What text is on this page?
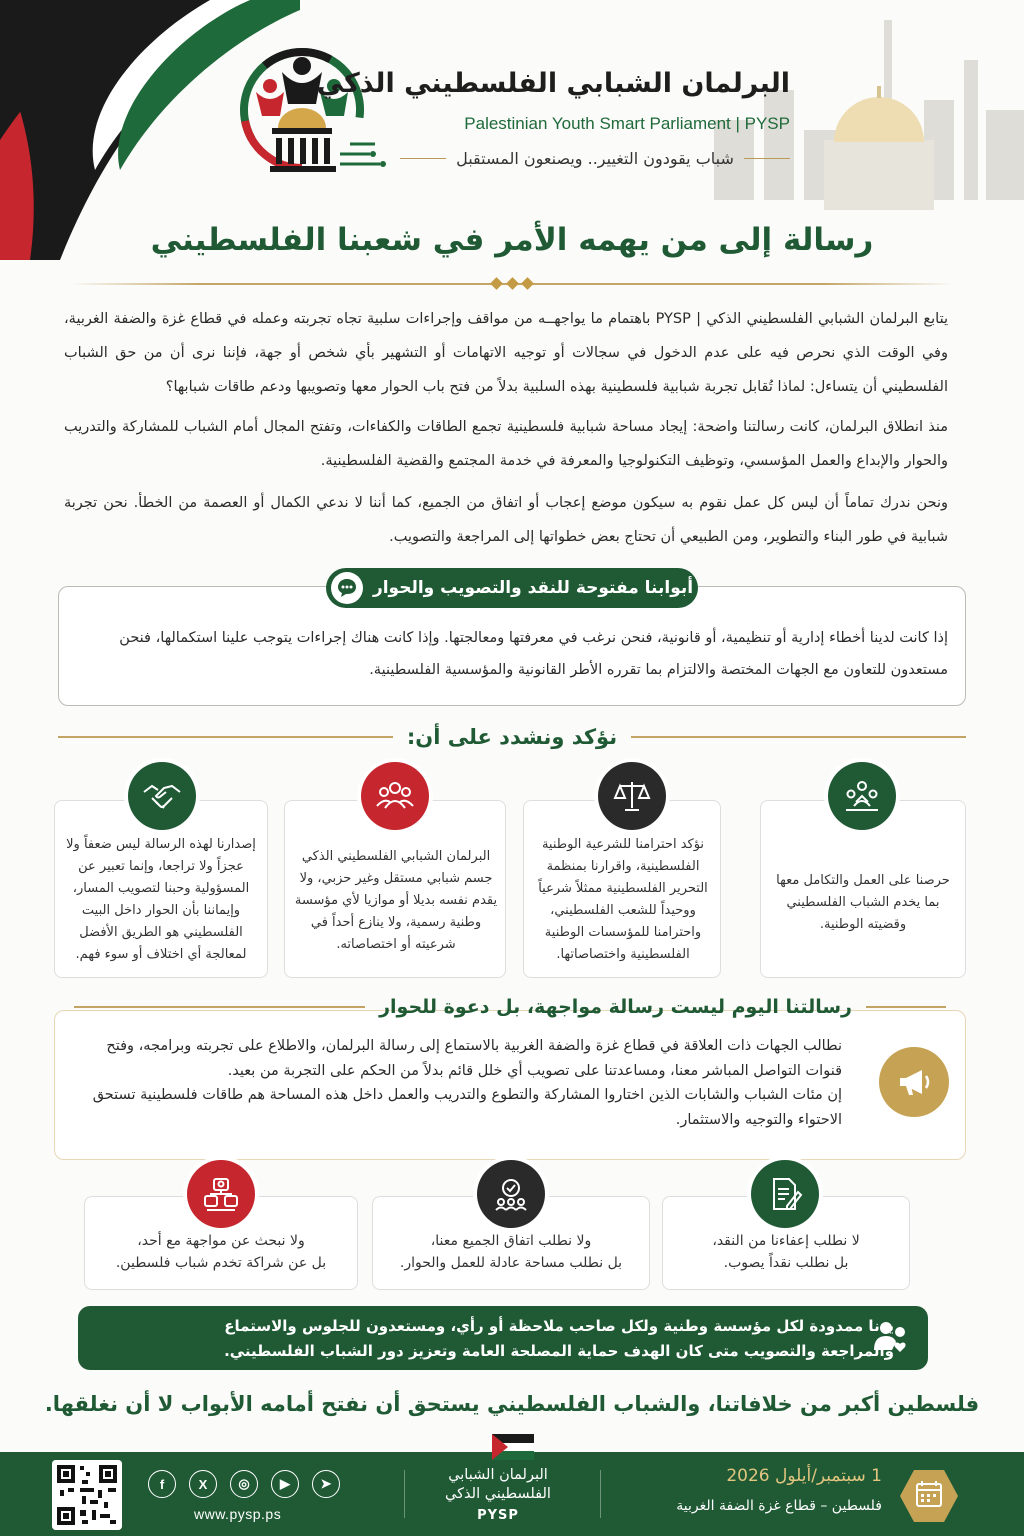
البرلمان الشبابي الفلسطيني الذكي
Palestinian Youth Smart Parliament | PYSP
شباب يقودون التغيير.. ويصنعون المستقبل
رسالة إلى من يهمه الأمر في شعبنا الفلسطيني

يتابع البرلمان الشبابي الفلسطيني الذكي | PYSP باهتمام ما يواجهــه من مواقف وإجراءات سلبية تجاه تجربته وعمله في قطاع غزة والضفة الغربية، وفي الوقت الذي نحرص فيه على عدم الدخول في سجالات أو توجيه الاتهامات أو التشهير بأي شخص أو جهة، فإننا نرى أن من حق الشباب الفلسطيني أن يتساءل: لماذا تُقابل تجربة شبابية فلسطينية بهذه السلبية بدلاً من فتح باب الحوار معها وتصويبها ودعم طاقات شبابها؟

منذ انطلاق البرلمان، كانت رسالتنا واضحة: إيجاد مساحة شبابية فلسطينية تجمع الطاقات والكفاءات، وتفتح المجال أمام الشباب للمشاركة والتدريب والحوار والإبداع والعمل المؤسسي، وتوظيف التكنولوجيا والمعرفة في خدمة المجتمع والقضية الفلسطينية.

ونحن ندرك تماماً أن ليس كل عمل نقوم به سيكون موضع إعجاب أو اتفاق من الجميع، كما أننا لا ندعي الكمال أو العصمة من الخطأ. نحن تجربة شبابية في طور البناء والتطوير، ومن الطبيعي أن تحتاج بعض خطواتها إلى المراجعة والتصويب.

أبوابنا مفتوحة للنقد والتصويب والحوار

إذا كانت لدينا أخطاء إدارية أو تنظيمية، أو قانونية، فنحن نرغب في معرفتها ومعالجتها. وإذا كانت هناك إجراءات يتوجب علينا استكمالها، فنحن مستعدون للتعاون مع الجهات المختصة والالتزام بما تقرره الأطر القانونية والمؤسسية الفلسطينية.

نؤكد ونشدد على أن:

حرصنا على العمل والتكامل معها بما يخدم الشباب الفلسطيني وقضيته الوطنية.

نؤكد احترامنا للشرعية الوطنية الفلسطينية، واقرارنا بمنظمة التحرير الفلسطينية ممثلاً شرعياً ووحيداً للشعب الفلسطيني، واحترامنا للمؤسسات الوطنية الفلسطينية واختصاصاتها.

البرلمان الشبابي الفلسطيني الذكي جسم شبابي مستقل وغير حزبي، ولا يقدم نفسه بديلا أو موازيا لأي مؤسسة وطنية رسمية، ولا ينازع أحداً في شرعيته أو اختصاصاته.

إصدارنا لهذه الرسالة ليس ضعفاً ولا عجزاً ولا تراجعا، وإنما تعبير عن المسؤولية وحبنا لتصويب المسار، وإيماننا بأن الحوار داخل البيت الفلسطيني هو الطريق الأفضل لمعالجة أي اختلاف أو سوء فهم.

رسالتنا اليوم ليست رسالة مواجهة، بل دعوة للحوار

نطالب الجهات ذات العلاقة في قطاع غزة والضفة الغربية بالاستماع إلى رسالة البرلمان، والاطلاع على تجربته وبرامجه، وفتح قنوات التواصل المباشر معنا، ومساعدتنا على تصويب أي خلل قائم بدلاً من الحكم على التجربة من بعيد.
إن مئات الشباب والشابات الذين اختاروا المشاركة والتطوع والتدريب والعمل داخل هذه المساحة هم طاقات فلسطينية تستحق الاحتواء والتوجيه والاستثمار.

لا نطلب إعفاءنا من النقد،
بل نطلب نقداً يصوب.

ولا نطلب اتفاق الجميع معنا،
بل نطلب مساحة عادلة للعمل والحوار.

ولا نبحث عن مواجهة مع أحد،
بل عن شراكة تخدم شباب فلسطين.

يدنا ممدودة لكل مؤسسة وطنية ولكل صاحب ملاحظة أو رأي، ومستعدون للجلوس والاستماع والمراجعة والتصويب متى كان الهدف حماية المصلحة العامة وتعزيز دور الشباب الفلسطيني.

فلسطين أكبر من خلافاتنا، والشباب الفلسطيني يستحق أن نفتح أمامه الأبواب لا أن نغلقها.

1 سبتمبر/أيلول 2026
فلسطين – قطاع غزة الضفة الغربية
البرلمان الشبابي الفلسطيني الذكي
PYSP
➤
▶
◎
X
f
www.pysp.ps
